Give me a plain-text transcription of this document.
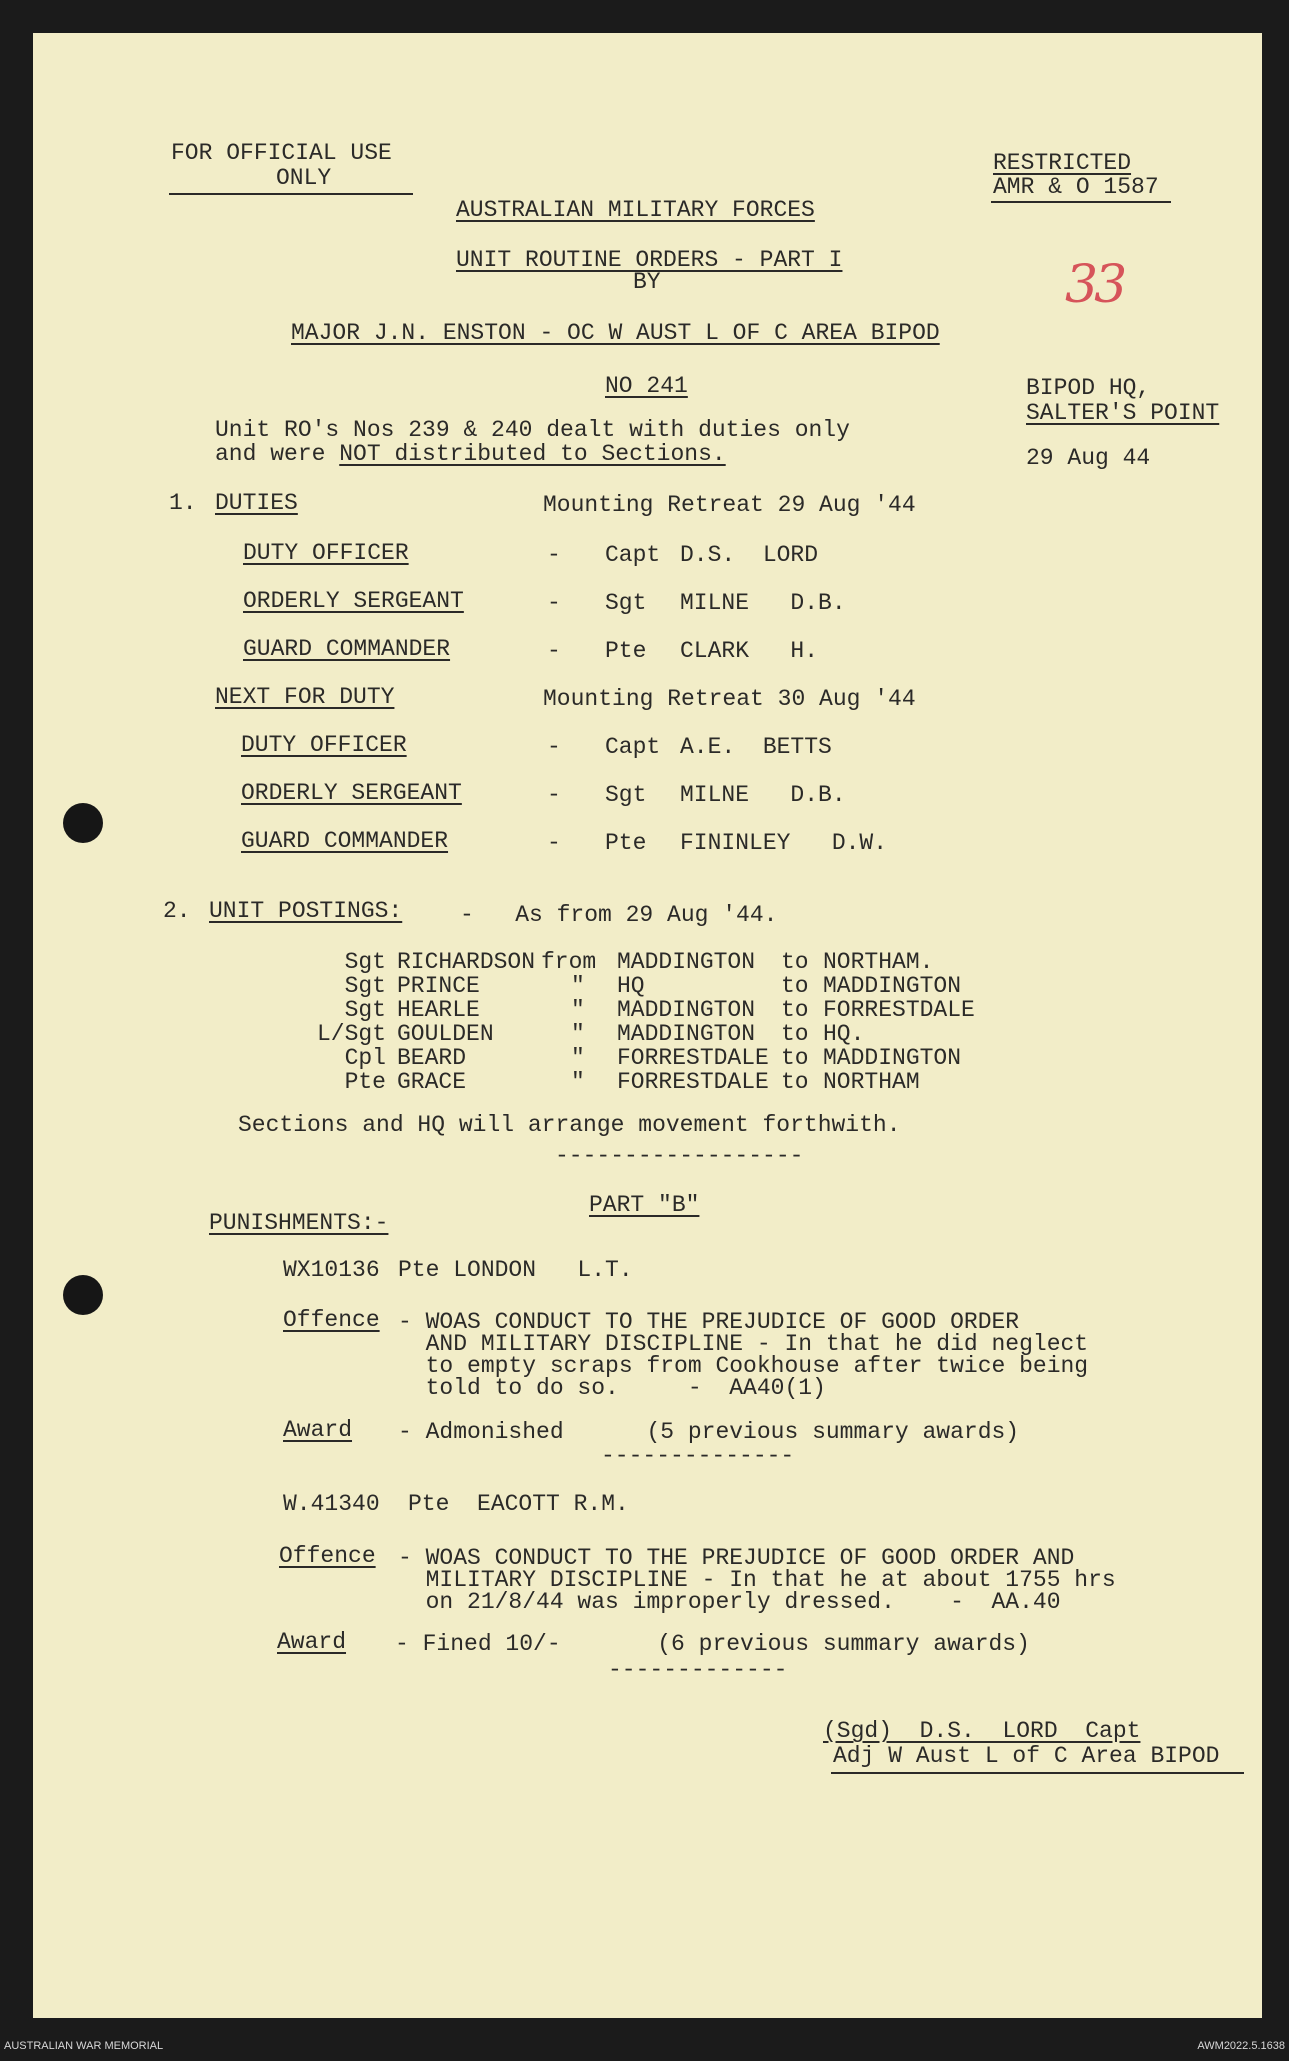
FOR OFFICIAL USE
ONLY
RESTRICTED
AMR & O 1587
33
AUSTRALIAN MILITARY FORCES
UNIT ROUTINE ORDERS - PART I
BY
MAJOR J.N. ENSTON - OC W AUST L OF C AREA BIPOD
NO 241	BIPOD HQ,
SALTER'S POINT
29 Aug 44
Unit RO's Nos 239 & 240 dealt with duties only
and were NOT distributed to Sections.
1. DUTIES	Mounting Retreat 29 Aug '44
DUTY OFFICER	- Capt D.S.  LORD
ORDERLY SERGEANT	- Sgt MILNE   D.B.
GUARD COMMANDER	- Pte CLARK   H.
NEXT FOR DUTY	Mounting Retreat 30 Aug '44
DUTY OFFICER	- Capt A.E.  BETTS
ORDERLY SERGEANT	- Sgt MILNE   D.B.
GUARD COMMANDER	- Pte FININLEY   D.W.
2. UNIT POSTINGS:	-   As from 29 Aug '44.
Sgt RICHARDSON from MADDINGTON to NORTHAM.
Sgt PRINCE	" HQ	to MADDINGTON
Sgt HEARLE	" MADDINGTON to FORRESTDALE
L/Sgt GOULDEN	" MADDINGTON to HQ.
Cpl BEARD	" FORRESTDALE to MADDINGTON
Pte GRACE	" FORRESTDALE to NORTHAM
Sections and HQ will arrange movement forthwith.
------------------
PART "B"
PUNISHMENTS:-
WX10136 Pte LONDON   L.T.
Offence - WOAS CONDUCT TO THE PREJUDICE OF GOOD ORDER
AND MILITARY DISCIPLINE - In that he did neglect
to empty scraps from Cookhouse after twice being
told to do so.     -  AA40(1)
Award - Admonished      (5 previous summary awards)
--------------
W.41340 Pte  EACOTT R.M.
Offence - WOAS CONDUCT TO THE PREJUDICE OF GOOD ORDER AND
MILITARY DISCIPLINE - In that he at about 1755 hrs
on 21/8/44 was improperly dressed.    -  AA.40
Award - Fined 10/-       (6 previous summary awards)
-------------
(Sgd)  D.S.  LORD  Capt
Adj W Aust L of C Area BIPOD
AUSTRALIAN WAR MEMORIAL	AWM2022.5.1638
